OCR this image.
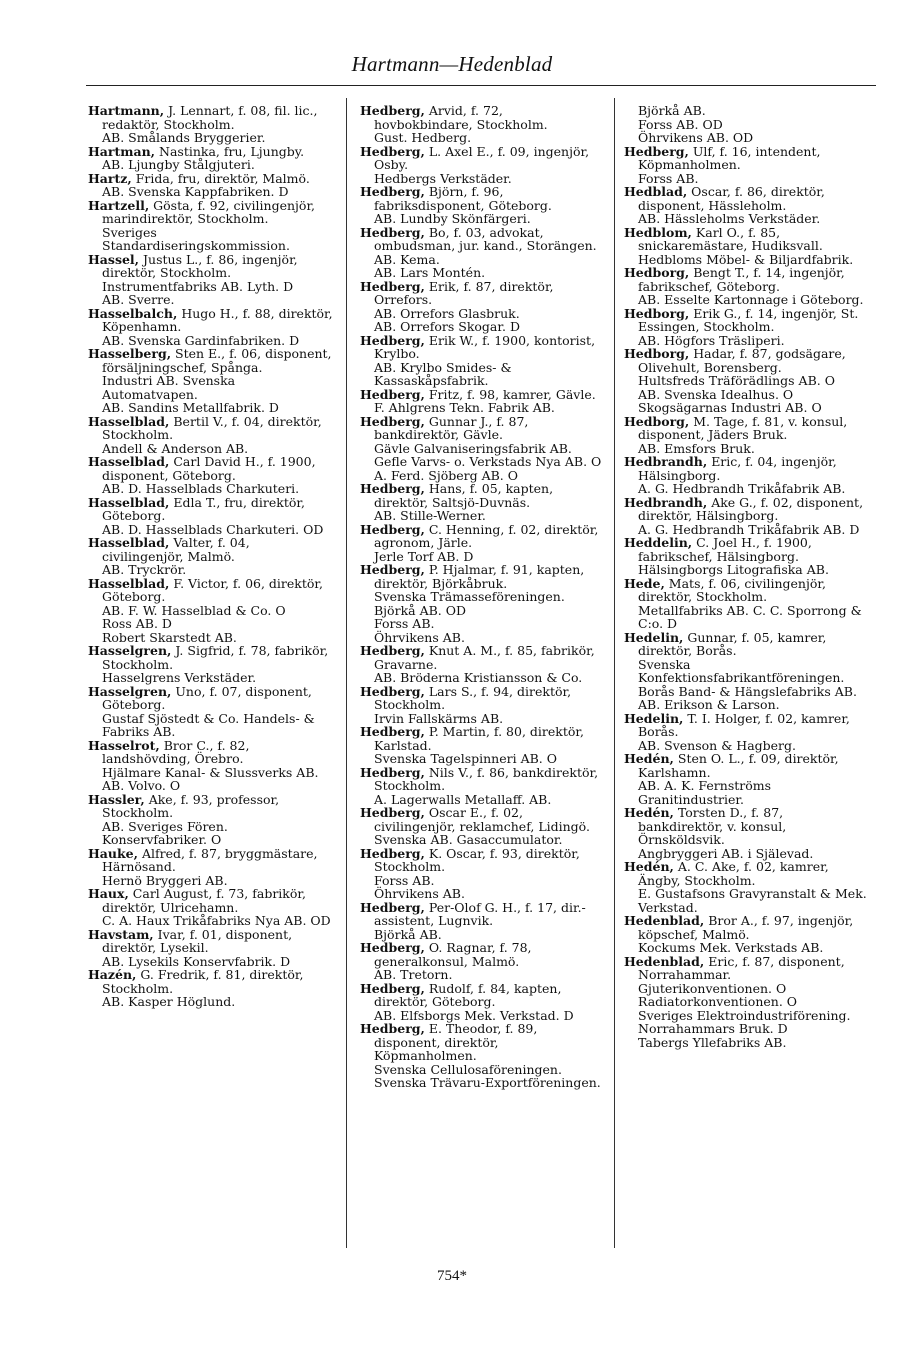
Hartmann—Hedenblad
Hartmann, J. Lennart, f. 08, fil. lic., redaktör, Stockholm.
AB. Smålands Bryggerier.
Hartman, Nastinka, fru, Ljungby.
AB. Ljungby Stålgjuteri.
Hartz, Frida, fru, direktör, Malmö.
AB. Svenska Kappfabriken. D
Hartzell, Gösta, f. 92, civilingenjör, marindirektör, Stockholm.
Sveriges Standardiseringskommission.
Hassel, Justus L., f. 86, ingenjör, direktör, Stockholm.
Instrumentfabriks AB. Lyth. D
AB. Sverre.
Hasselbalch, Hugo H., f. 88, direktör, Köpenhamn.
AB. Svenska Gardinfabriken. D
Hasselberg, Sten E., f. 06, disponent, försäljningschef, Spånga.
Industri AB. Svenska Automatvapen.
AB. Sandins Metallfabrik. D
Hasselblad, Bertil V., f. 04, direktör, Stockholm.
Andell & Anderson AB.
Hasselblad, Carl David H., f. 1900, disponent, Göteborg.
AB. D. Hasselblads Charkuteri.
Hasselblad, Edla T., fru, direktör, Göteborg.
AB. D. Hasselblads Charkuteri. OD
Hasselblad, Valter, f. 04, civilingenjör, Malmö.
AB. Tryckrör.
Hasselblad, F. Victor, f. 06, direktör, Göteborg.
AB. F. W. Hasselblad & Co. O
Ross AB. D
Robert Skarstedt AB.
Hasselgren, J. Sigfrid, f. 78, fabrikör, Stockholm.
Hasselgrens Verkstäder.
Hasselgren, Uno, f. 07, disponent, Göteborg.
Gustaf Sjöstedt & Co. Handels- & Fabriks AB.
Hasselrot, Bror C., f. 82, landshövding, Örebro.
Hjälmare Kanal- & Slussverks AB.
AB. Volvo. O
Hassler, Ake, f. 93, professor, Stockholm.
AB. Sveriges Fören. Konservfabriker. O
Hauke, Alfred, f. 87, bryggmästare, Härnösand.
Hernö Bryggeri AB.
Haux, Carl August, f. 73, fabrikör, direktör, Ulricehamn.
C. A. Haux Trikåfabriks Nya AB. OD
Havstam, Ivar, f. 01, disponent, direktör, Lysekil.
AB. Lysekils Konservfabrik. D
Hazén, G. Fredrik, f. 81, direktör, Stockholm.
AB. Kasper Höglund.
Hedberg, Arvid, f. 72, hovbokbindare, Stockholm.
Gust. Hedberg.
Hedberg, L. Axel E., f. 09, ingenjör, Osby.
Hedbergs Verkstäder.
Hedberg, Björn, f. 96, fabriksdisponent, Göteborg.
AB. Lundby Skönfärgeri.
Hedberg, Bo, f. 03, advokat, ombudsman, jur. kand., Storängen.
AB. Kema.
AB. Lars Montén.
Hedberg, Erik, f. 87, direktör, Orrefors.
AB. Orrefors Glasbruk.
AB. Orrefors Skogar. D
Hedberg, Erik W., f. 1900, kontorist, Krylbo.
AB. Krylbo Smides- & Kassaskåpsfabrik.
Hedberg, Fritz, f. 98, kamrer, Gävle.
F. Ahlgrens Tekn. Fabrik AB.
Hedberg, Gunnar J., f. 87, bankdirektör, Gävle.
Gävle Galvaniseringsfabrik AB.
Gefle Varvs- o. Verkstads Nya AB. O
A. Ferd. Sjöberg AB. O
Hedberg, Hans, f. 05, kapten, direktör, Saltsjö-Duvnäs.
AB. Stille-Werner.
Hedberg, C. Henning, f. 02, direktör, agronom, Järle.
Jerle Torf AB. D
Hedberg, P. Hjalmar, f. 91, kapten, direktör, Björkåbruk.
Svenska Trämasseföreningen.
Björkå AB. OD
Forss AB.
Öhrvikens AB.
Hedberg, Knut A. M., f. 85, fabrikör, Gravarne.
AB. Bröderna Kristiansson & Co.
Hedberg, Lars S., f. 94, direktör, Stockholm.
Irvin Fallskärms AB.
Hedberg, P. Martin, f. 80, direktör, Karlstad.
Svenska Tagelspinneri AB. O
Hedberg, Nils V., f. 86, bankdirektör, Stockholm.
A. Lagerwalls Metallaff. AB.
Hedberg, Oscar E., f. 02, civilingenjör, reklamchef, Lidingö.
Svenska AB. Gasaccumulator.
Hedberg, K. Oscar, f. 93, direktör, Stockholm.
Forss AB.
Öhrvikens AB.
Hedberg, Per-Olof G. H., f. 17, dir.-assistent, Lugnvik.
Björkå AB.
Hedberg, O. Ragnar, f. 78, generalkonsul, Malmö.
AB. Tretorn.
Hedberg, Rudolf, f. 84, kapten, direktör, Göteborg.
AB. Elfsborgs Mek. Verkstad. D
Hedberg, E. Theodor, f. 89, disponent, direktör, Köpmanholmen.
Svenska Cellulosaföreningen.
Svenska Trävaru-Exportföreningen.
Björkå AB.
Forss AB. OD
Öhrvikens AB. OD
Hedberg, Ulf, f. 16, intendent, Köpmanholmen.
Forss AB.
Hedblad, Oscar, f. 86, direktör, disponent, Hässleholm.
AB. Hässleholms Verkstäder.
Hedblom, Karl O., f. 85, snickaremästare, Hudiksvall.
Hedbloms Möbel- & Biljardfabrik.
Hedborg, Bengt T., f. 14, ingenjör, fabrikschef, Göteborg.
AB. Esselte Kartonnage i Göteborg.
Hedborg, Erik G., f. 14, ingenjör, St. Essingen, Stockholm.
AB. Högfors Träsliperi.
Hedborg, Hadar, f. 87, godsägare, Olivehult, Borensberg.
Hultsfreds Träförädlings AB. O
AB. Svenska Idealhus. O
Skogsägarnas Industri AB. O
Hedborg, M. Tage, f. 81, v. konsul, disponent, Jäders Bruk.
AB. Emsfors Bruk.
Hedbrandh, Eric, f. 04, ingenjör, Hälsingborg.
A. G. Hedbrandh Trikåfabrik AB.
Hedbrandh, Ake G., f. 02, disponent, direktör, Hälsingborg.
A. G. Hedbrandh Trikåfabrik AB. D
Heddelin, C. Joel H., f. 1900, fabrikschef, Hälsingborg.
Hälsingborgs Litografiska AB.
Hede, Mats, f. 06, civilingenjör, direktör, Stockholm.
Metallfabriks AB. C. C. Sporrong & C:o. D
Hedelin, Gunnar, f. 05, kamrer, direktör, Borås.
Svenska Konfektionsfabrikantföreningen.
Borås Band- & Hängslefabriks AB.
AB. Erikson & Larson.
Hedelin, T. I. Holger, f. 02, kamrer, Borås.
AB. Svenson & Hagberg.
Hedén, Sten O. L., f. 09, direktör, Karlshamn.
AB. A. K. Fernströms Granitindustrier.
Hedén, Torsten D., f. 87, bankdirektör, v. konsul, Örnsköldsvik.
Angbryggeri AB. i Själevad.
Hedén, A. C. Ake, f. 02, kamrer, Ängby, Stockholm.
E. Gustafsons Gravyranstalt & Mek. Verkstad.
Hedenblad, Bror A., f. 97, ingenjör, köpschef, Malmö.
Kockums Mek. Verkstads AB.
Hedenblad, Eric, f. 87, disponent, Norrahammar.
Gjuterikonventionen. O
Radiatorkonventionen. O
Sveriges Elektroindustriförening.
Norrahammars Bruk. D
Tabergs Yllefabriks AB.
754*
